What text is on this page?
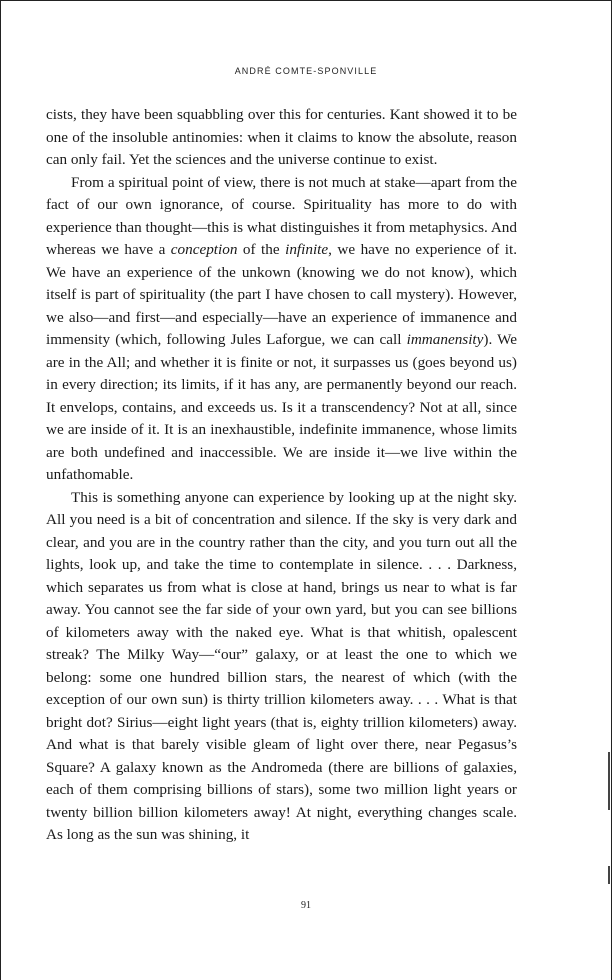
ANDRÉ COMTE-SPONVILLE

cists, they have been squabbling over this for centuries. Kant showed it to be one of the insoluble antinomies: when it claims to know the absolute, reason can only fail. Yet the sciences and the universe continue to exist.

From a spiritual point of view, there is not much at stake—apart from the fact of our own ignorance, of course. Spirituality has more to do with experience than thought—this is what distinguishes it from metaphysics. And whereas we have a conception of the infinite, we have no experience of it. We have an experience of the unkown (knowing we do not know), which itself is part of spirituality (the part I have chosen to call mystery). However, we also—and first—and especially—have an experience of immanence and immensity (which, following Jules Laforgue, we can call immanensity). We are in the All; and whether it is finite or not, it surpasses us (goes beyond us) in every direction; its limits, if it has any, are permanently beyond our reach. It envelops, contains, and exceeds us. Is it a transcendency? Not at all, since we are inside of it. It is an inexhaustible, indefinite immanence, whose limits are both undefined and inaccessible. We are inside it—we live within the unfathomable.

This is something anyone can experience by looking up at the night sky. All you need is a bit of concentration and silence. If the sky is very dark and clear, and you are in the country rather than the city, and you turn out all the lights, look up, and take the time to contemplate in silence. . . . Darkness, which separates us from what is close at hand, brings us near to what is far away. You cannot see the far side of your own yard, but you can see billions of kilometers away with the naked eye. What is that whitish, opalescent streak? The Milky Way—“our” galaxy, or at least the one to which we belong: some one hundred billion stars, the nearest of which (with the exception of our own sun) is thirty trillion kilometers away. . . . What is that bright dot? Sirius—eight light years (that is, eighty trillion kilometers) away. And what is that barely visible gleam of light over there, near Pegasus’s Square? A galaxy known as the Andromeda (there are billions of galaxies, each of them comprising billions of stars), some two million light years or twenty billion billion kilometers away! At night, everything changes scale. As long as the sun was shining, it

91
